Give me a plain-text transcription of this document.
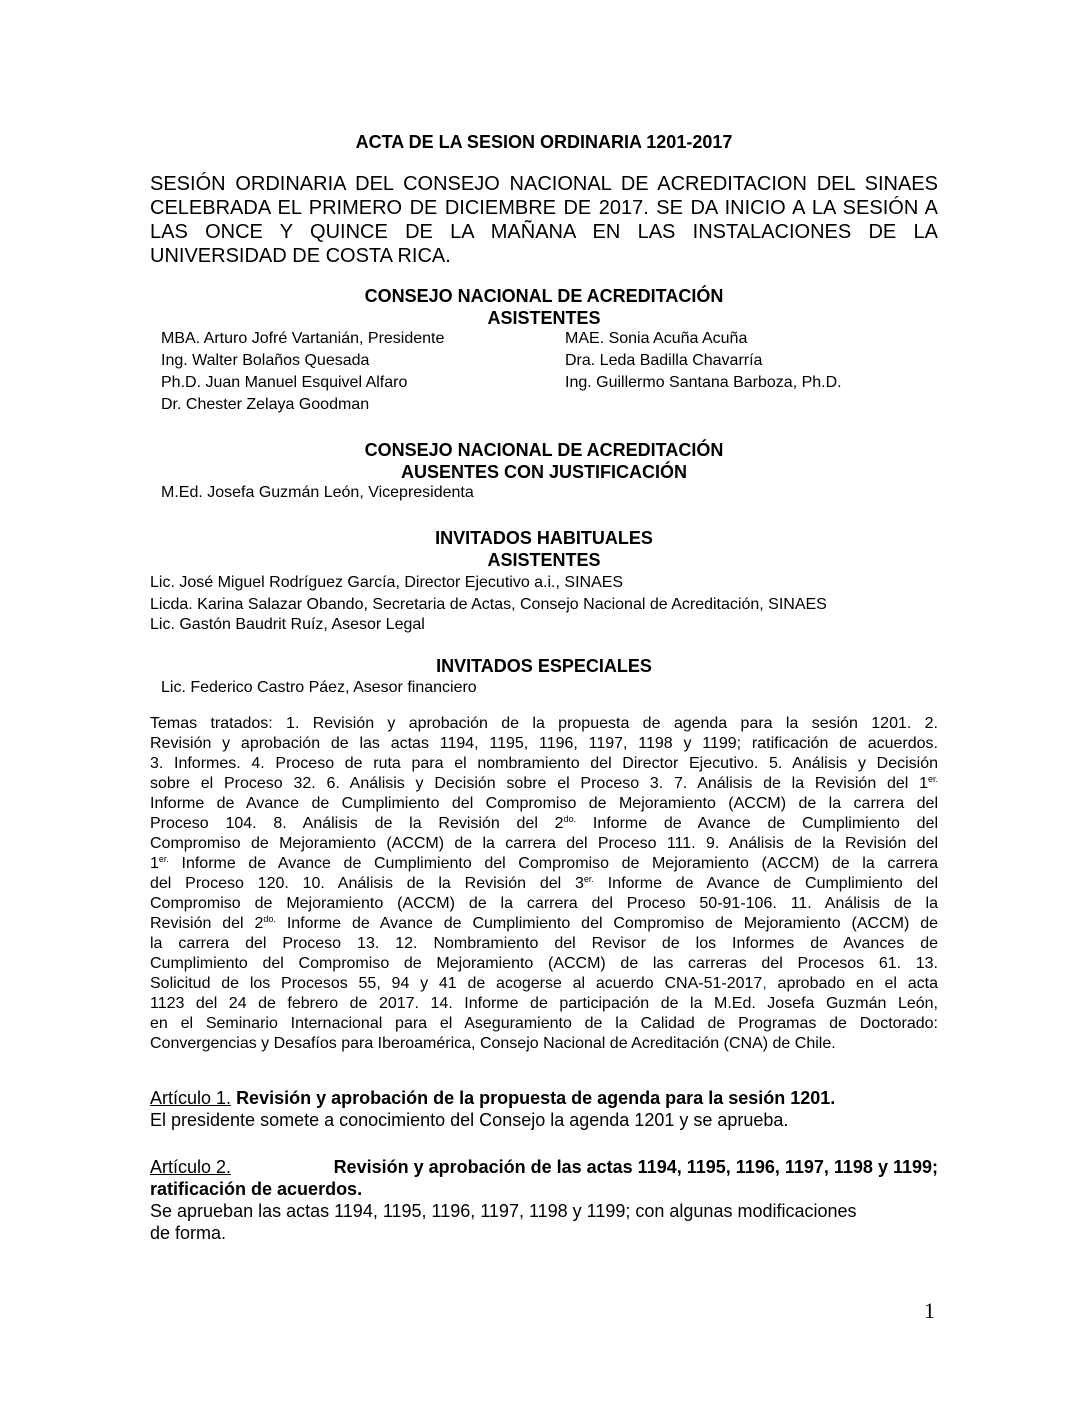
ACTA DE LA SESION ORDINARIA 1201-2017
SESIÓN ORDINARIA DEL CONSEJO NACIONAL DE ACREDITACION DEL SINAES
CELEBRADA EL PRIMERO DE DICIEMBRE DE 2017. SE DA INICIO A LA SESIÓN A
LAS ONCE Y QUINCE DE LA MAÑANA EN LAS INSTALACIONES DE LA
UNIVERSIDAD DE COSTA RICA.
CONSEJO NACIONAL DE ACREDITACIÓN
ASISTENTES
MBA. Arturo Jofré Vartanián, Presidente
Ing. Walter Bolaños Quesada
Ph.D. Juan Manuel Esquivel Alfaro
Dr. Chester Zelaya Goodman
MAE. Sonia Acuña Acuña
Dra. Leda Badilla Chavarría
Ing. Guillermo Santana Barboza, Ph.D.
CONSEJO NACIONAL DE ACREDITACIÓN
AUSENTES CON JUSTIFICACIÓN
M.Ed. Josefa Guzmán León, Vicepresidenta
INVITADOS HABITUALES
ASISTENTES
Lic. José Miguel Rodríguez García, Director Ejecutivo a.i., SINAES
Licda. Karina Salazar Obando, Secretaria de Actas, Consejo Nacional de Acreditación, SINAES
Lic. Gastón Baudrit Ruíz, Asesor Legal
INVITADOS ESPECIALES
Lic. Federico Castro Páez, Asesor financiero
Temas tratados: 1. Revisión y aprobación de la propuesta de agenda para la sesión 1201. 2.
Revisión y aprobación de las actas 1194, 1195, 1196, 1197, 1198 y 1199; ratificación de acuerdos.
3. Informes. 4. Proceso de ruta para el nombramiento del Director Ejecutivo. 5. Análisis y Decisión
sobre el Proceso 32. 6. Análisis y Decisión sobre el Proceso 3. 7. Análisis de la Revisión del $1^{er.}$
Informe de Avance de Cumplimiento del Compromiso de Mejoramiento (ACCM) de la carrera del
Proceso 104. 8. Análisis de la Revisión del $2^{do.}$ Informe de Avance de Cumplimiento del
Compromiso de Mejoramiento (ACCM) de la carrera del Proceso 111. 9. Análisis de la Revisión del
$1^{er.}$ Informe de Avance de Cumplimiento del Compromiso de Mejoramiento (ACCM) de la carrera
del Proceso 120. 10. Análisis de la Revisión del $3^{er.}$ Informe de Avance de Cumplimiento del
Compromiso de Mejoramiento (ACCM) de la carrera del Proceso 50-91-106. 11. Análisis de la
Revisión del $2^{do.}$ Informe de Avance de Cumplimiento del Compromiso de Mejoramiento (ACCM) de
la carrera del Proceso 13. 12. Nombramiento del Revisor de los Informes de Avances de
Cumplimiento del Compromiso de Mejoramiento (ACCM) de las carreras del Procesos 61. 13.
Solicitud de los Procesos 55, 94 y 41 de acogerse al acuerdo CNA-51-2017, aprobado en el acta
1123 del 24 de febrero de 2017. 14. Informe de participación de la M.Ed. Josefa Guzmán León,
en el Seminario Internacional para el Aseguramiento de la Calidad de Programas de Doctorado:
Convergencias y Desafíos para Iberoamérica, Consejo Nacional de Acreditación (CNA) de Chile.
Artículo 1. Revisión y aprobación de la propuesta de agenda para la sesión 1201.
El presidente somete a conocimiento del Consejo la agenda 1201 y se aprueba.
Artículo 2.	Revisión y aprobación de las actas 1194, 1195, 1196, 1197, 1198 y 1199;
ratificación de acuerdos.
Se aprueban las actas 1194, 1195, 1196, 1197, 1198 y 1199; con algunas modificaciones
de forma.
1
